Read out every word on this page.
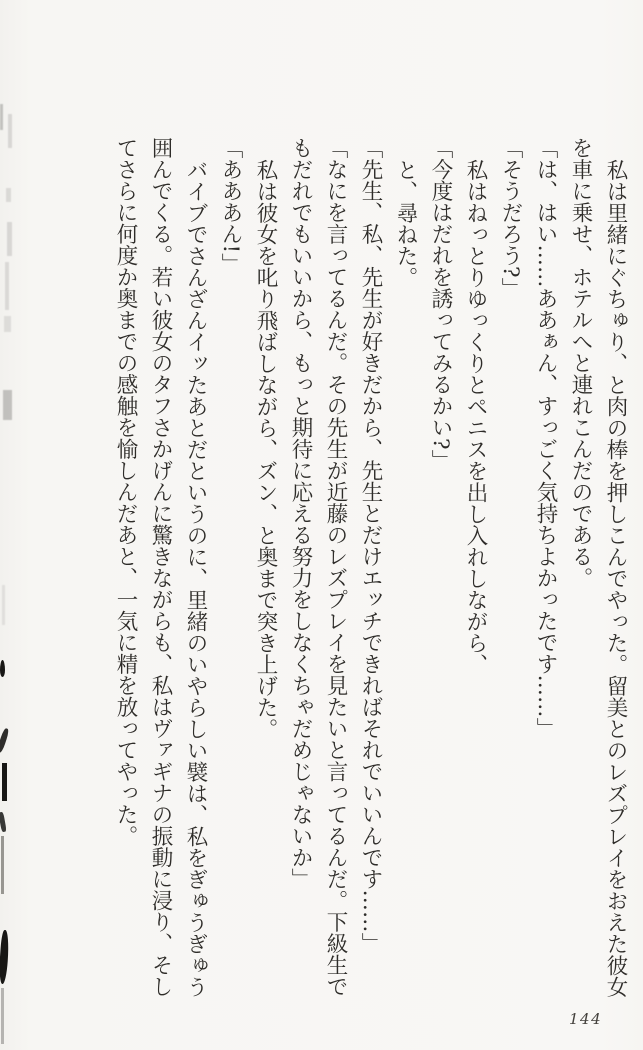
私は里緒にぐちゅり、と肉の棒を押しこんでやった。留美とのレズプレイをおえた彼女を車に乗せ、ホテルへと連れこんだのである。

「は、はい……ああぁん、すっごく気持ちよかったです……」

「そうだろう?」

私はねっとりゆっくりとペニスを出し入れしながら、

「今度はだれを誘ってみるかい?」

と、尋ねた。

「先生、私、先生が好きだから、先生とだけエッチできればそれでいいんです……」

「なにを言ってるんだ。その先生が近藤のレズプレイを見たいと言ってるんだ。下級生でもだれでもいいから、もっと期待に応える努力をしなくちゃだめじゃないか」

私は彼女を叱り飛ばしながら、ズン、と奥まで突き上げた。

「あああん!」

バイブでさんざんイッたあとだというのに、里緒のいやらしい襞は、私をぎゅうぎゅう囲んでくる。若い彼女のタフさかげんに驚きながらも、私はヴァギナの振動に浸り、そしてさらに何度か奥までの感触を愉しんだあと、一気に精を放ってやった。

144
